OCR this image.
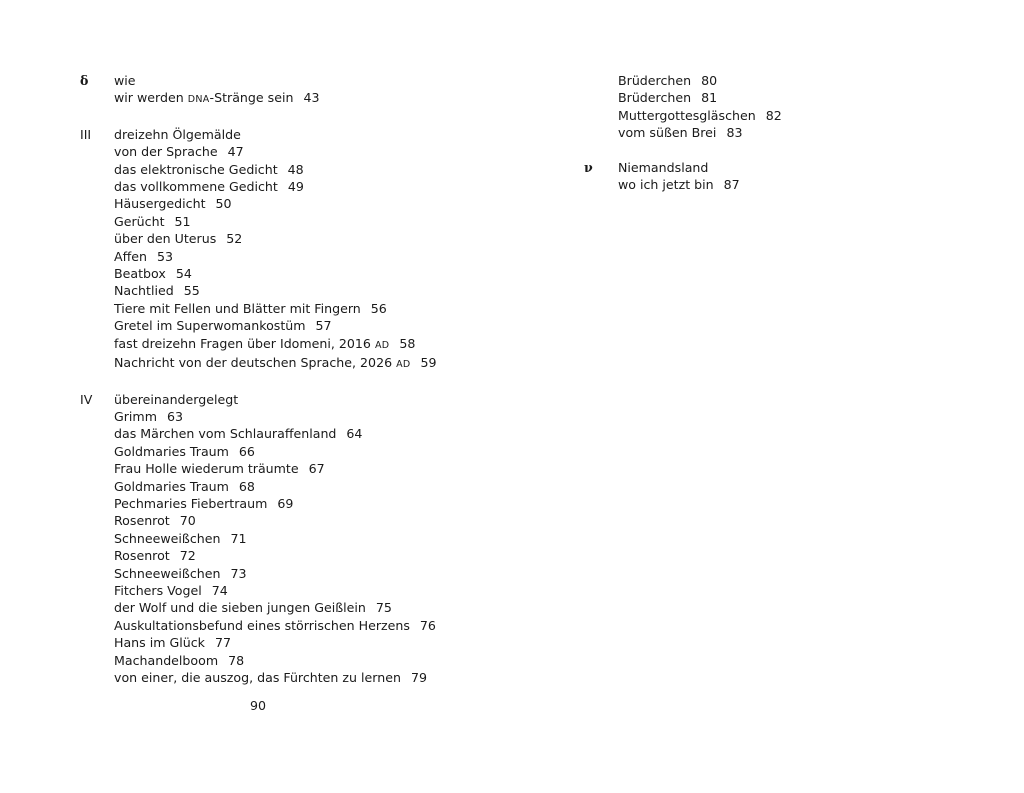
δ	wie
wir werden DNA-Stränge sein 43
III	dreizehn Ölgemälde
von der Sprache 47
das elektronische Gedicht 48
das vollkommene Gedicht 49
Häusergedicht 50
Gerücht 51
über den Uterus 52
Affen 53
Beatbox 54
Nachtlied 55
Tiere mit Fellen und Blätter mit Fingern 56
Gretel im Superwomankostüm 57
fast dreizehn Fragen über Idomeni, 2016 AD 58
Nachricht von der deutschen Sprache, 2026 AD 59
IV	übereinandergelegt
Grimm 63
das Märchen vom Schlauraffenland 64
Goldmaries Traum 66
Frau Holle wiederum träumte 67
Goldmaries Traum 68
Pechmaries Fiebertraum 69
Rosenrot 70
Schneeweißchen 71
Rosenrot 72
Schneeweißchen 73
Fitchers Vogel 74
der Wolf und die sieben jungen Geißlein 75
Auskultationsbefund eines störrischen Herzens 76
Hans im Glück 77
Machandelboom 78
von einer, die auszog, das Fürchten zu lernen 79
Brüderchen 80
Brüderchen 81
Muttergottesgläschen 82
vom süßen Brei 83
ν	Niemandsland
wo ich jetzt bin 87
90
